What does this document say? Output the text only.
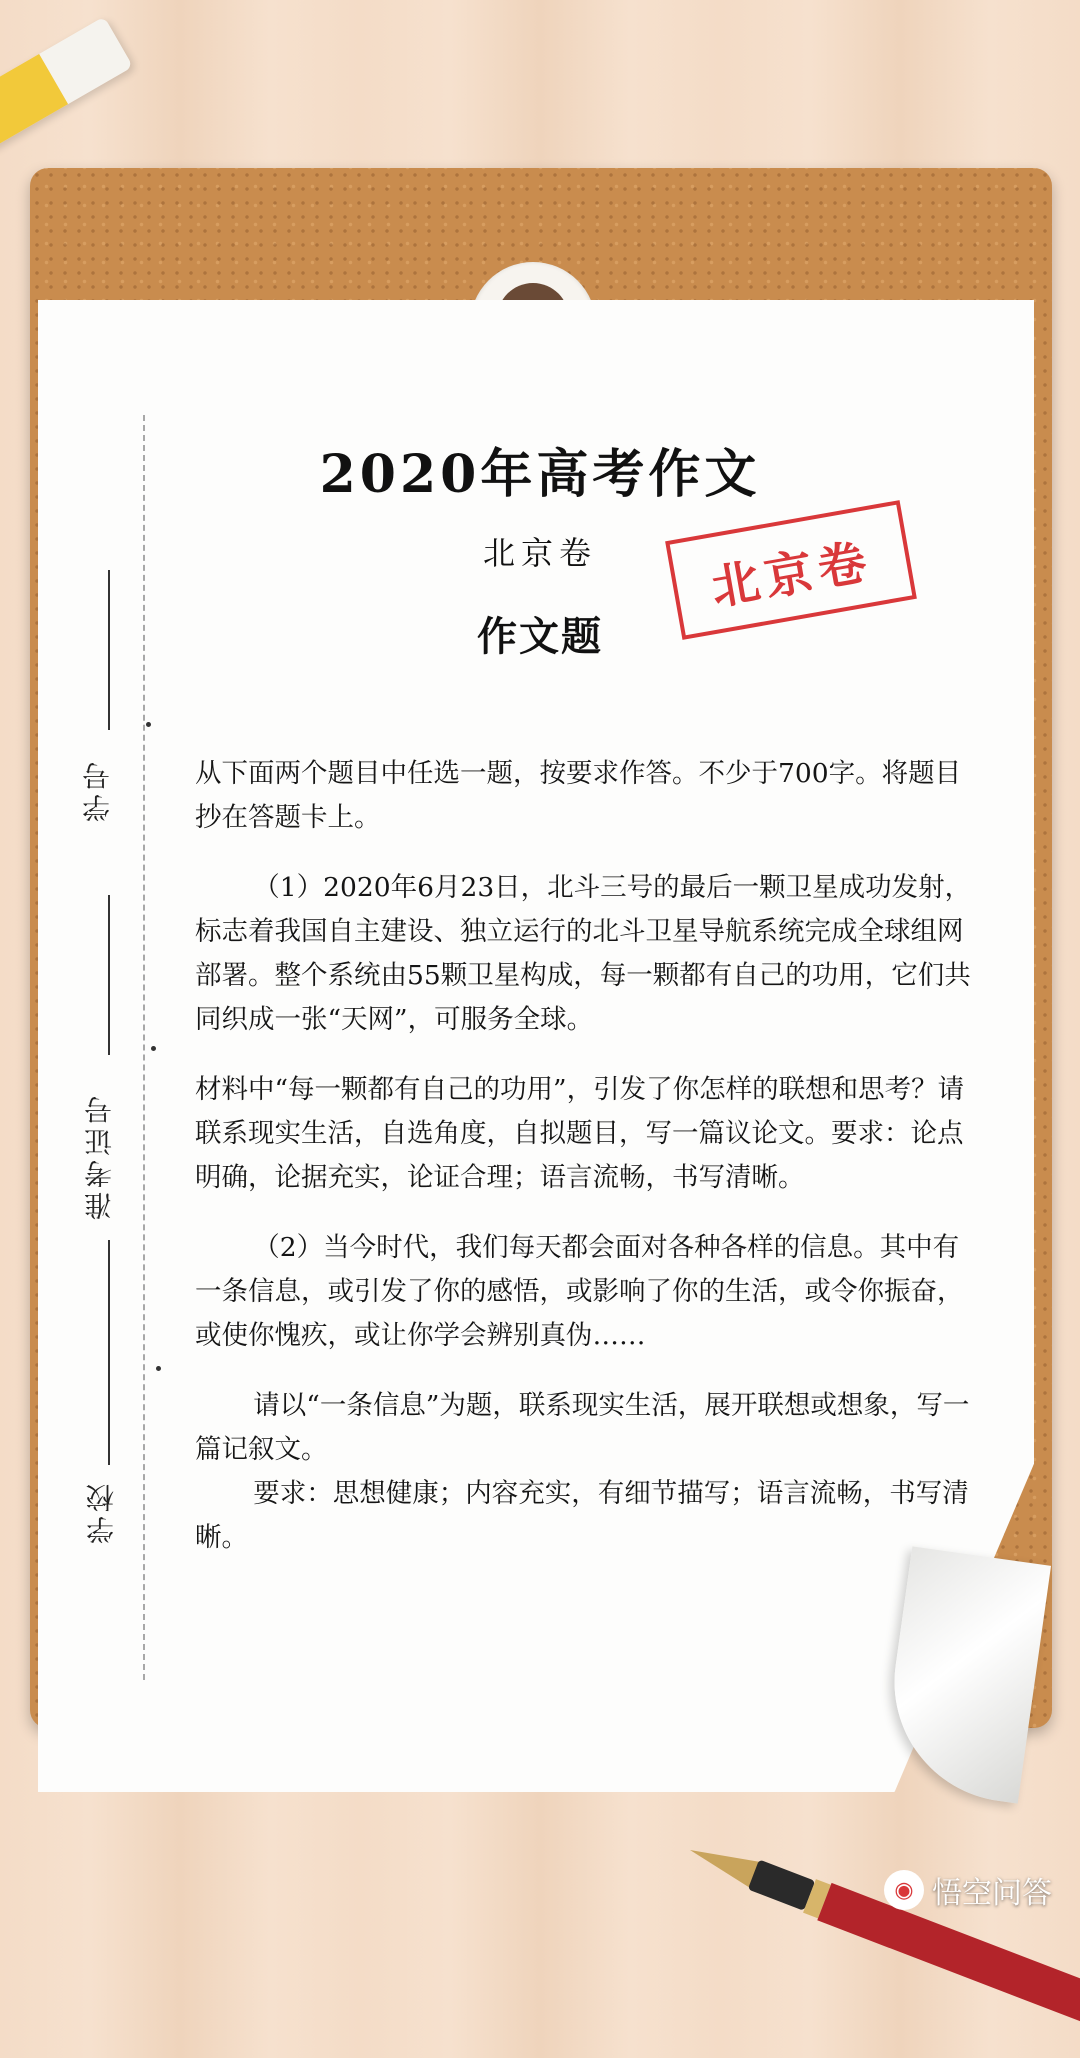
学号
准考证号
学校
2020年高考作文
北京卷	北京卷
作文题

从下面两个题目中任选一题，按要求作答。不少于700字。将题目抄在答题卡上。

（1）2020年6月23日，北斗三号的最后一颗卫星成功发射，标志着我国自主建设、独立运行的北斗卫星导航系统完成全球组网部署。整个系统由55颗卫星构成，每一颗都有自己的功用，它们共同织成一张“天网”，可服务全球。

材料中“每一颗都有自己的功用”，引发了你怎样的联想和思考？请联系现实生活，自选角度，自拟题目，写一篇议论文。要求：论点明确，论据充实，论证合理；语言流畅，书写清晰。

（2）当今时代，我们每天都会面对各种各样的信息。其中有一条信息，或引发了你的感悟，或影响了你的生活，或令你振奋，或使你愧疚，或让你学会辨别真伪……

请以“一条信息”为题，联系现实生活，展开联想或想象，写一篇记叙文。

要求：思想健康；内容充实，有细节描写；语言流畅，书写清晰。

◉ 悟空问答
